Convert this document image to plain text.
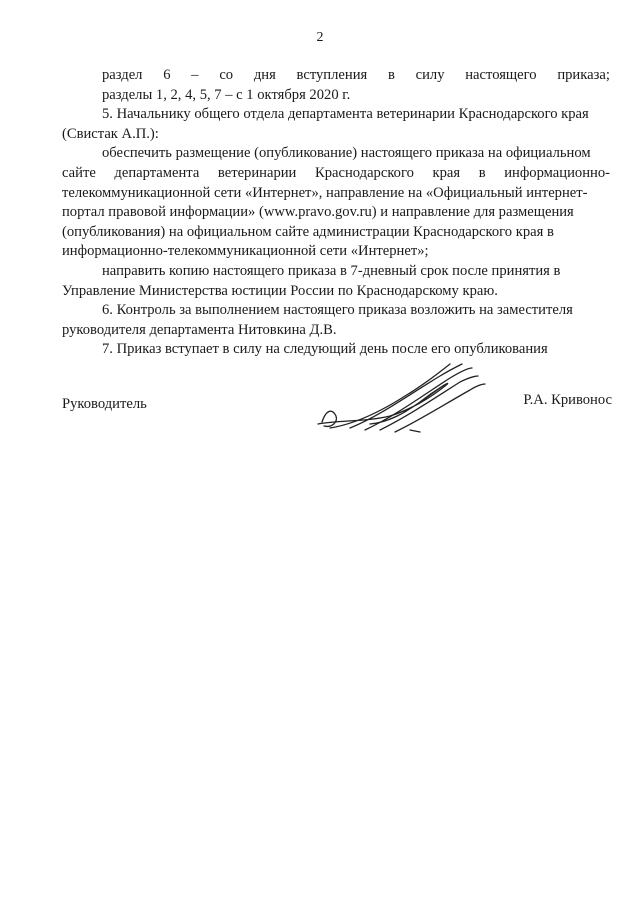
2
раздел 6 – со дня вступления в силу настоящего приказа;
разделы 1, 2, 4, 5, 7 – с 1 октября 2020 г.
5. Начальнику общего отдела департамента ветеринарии Краснодарского края
(Свистак А.П.):
обеспечить размещение (опубликование) настоящего приказа на официальном
сайте департамента ветеринарии Краснодарского края в информационно-
телекоммуникационной сети «Интернет», направление на «Официальный интернет-
портал правовой информации» (www.pravo.gov.ru) и направление для размещения
(опубликования) на официальном сайте администрации Краснодарского края в
информационно-телекоммуникационной сети «Интернет»;
направить копию настоящего приказа в 7-дневный срок после принятия в
Управление Министерства юстиции России по Краснодарскому краю.
6. Контроль за выполнением настоящего приказа возложить на заместителя
руководителя департамента Нитовкина Д.В.
7. Приказ вступает в силу на следующий день после его опубликования
Руководитель	Р.А. Кривонос
